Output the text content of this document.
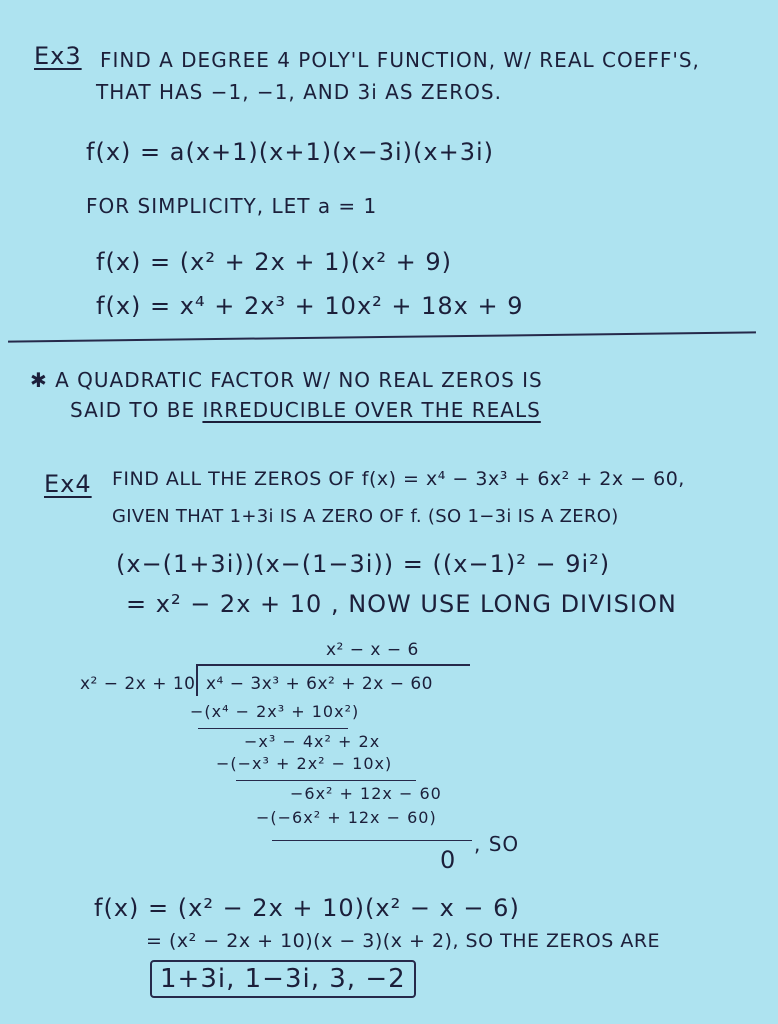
Ex3 FIND A DEGREE 4 POLY'L FUNCTION, W/ REAL COEFF'S,
THAT HAS −1, −1, AND 3i AS ZEROS.
f(x) = a(x+1)(x+1)(x−3i)(x+3i)
FOR SIMPLICITY, LET a = 1
f(x) = (x² + 2x + 1)(x² + 9)
f(x) = x⁴ + 2x³ + 10x² + 18x + 9
✱ A QUADRATIC FACTOR W/ NO REAL ZEROS IS
SAID TO BE IRREDUCIBLE OVER THE REALS
Ex4 FIND ALL THE ZEROS OF f(x) = x⁴ − 3x³ + 6x² + 2x − 60,
GIVEN THAT 1+3i IS A ZERO OF f. (SO 1−3i IS A ZERO)
(x−(1+3i))(x−(1−3i)) = ((x−1)² − 9i²)
= x² − 2x + 10 , NOW USE LONG DIVISION
x² − x − 6
x² − 2x + 10 x⁴ − 3x³ + 6x² + 2x − 60
−(x⁴ − 2x³ + 10x²)
−x³ − 4x² + 2x
−(−x³ + 2x² − 10x)
−6x² + 12x − 60
−(−6x² + 12x − 60)
0
, SO
f(x) = (x² − 2x + 10)(x² − x − 6)
= (x² − 2x + 10)(x − 3)(x + 2), SO THE ZEROS ARE
1+3i, 1−3i, 3, −2
